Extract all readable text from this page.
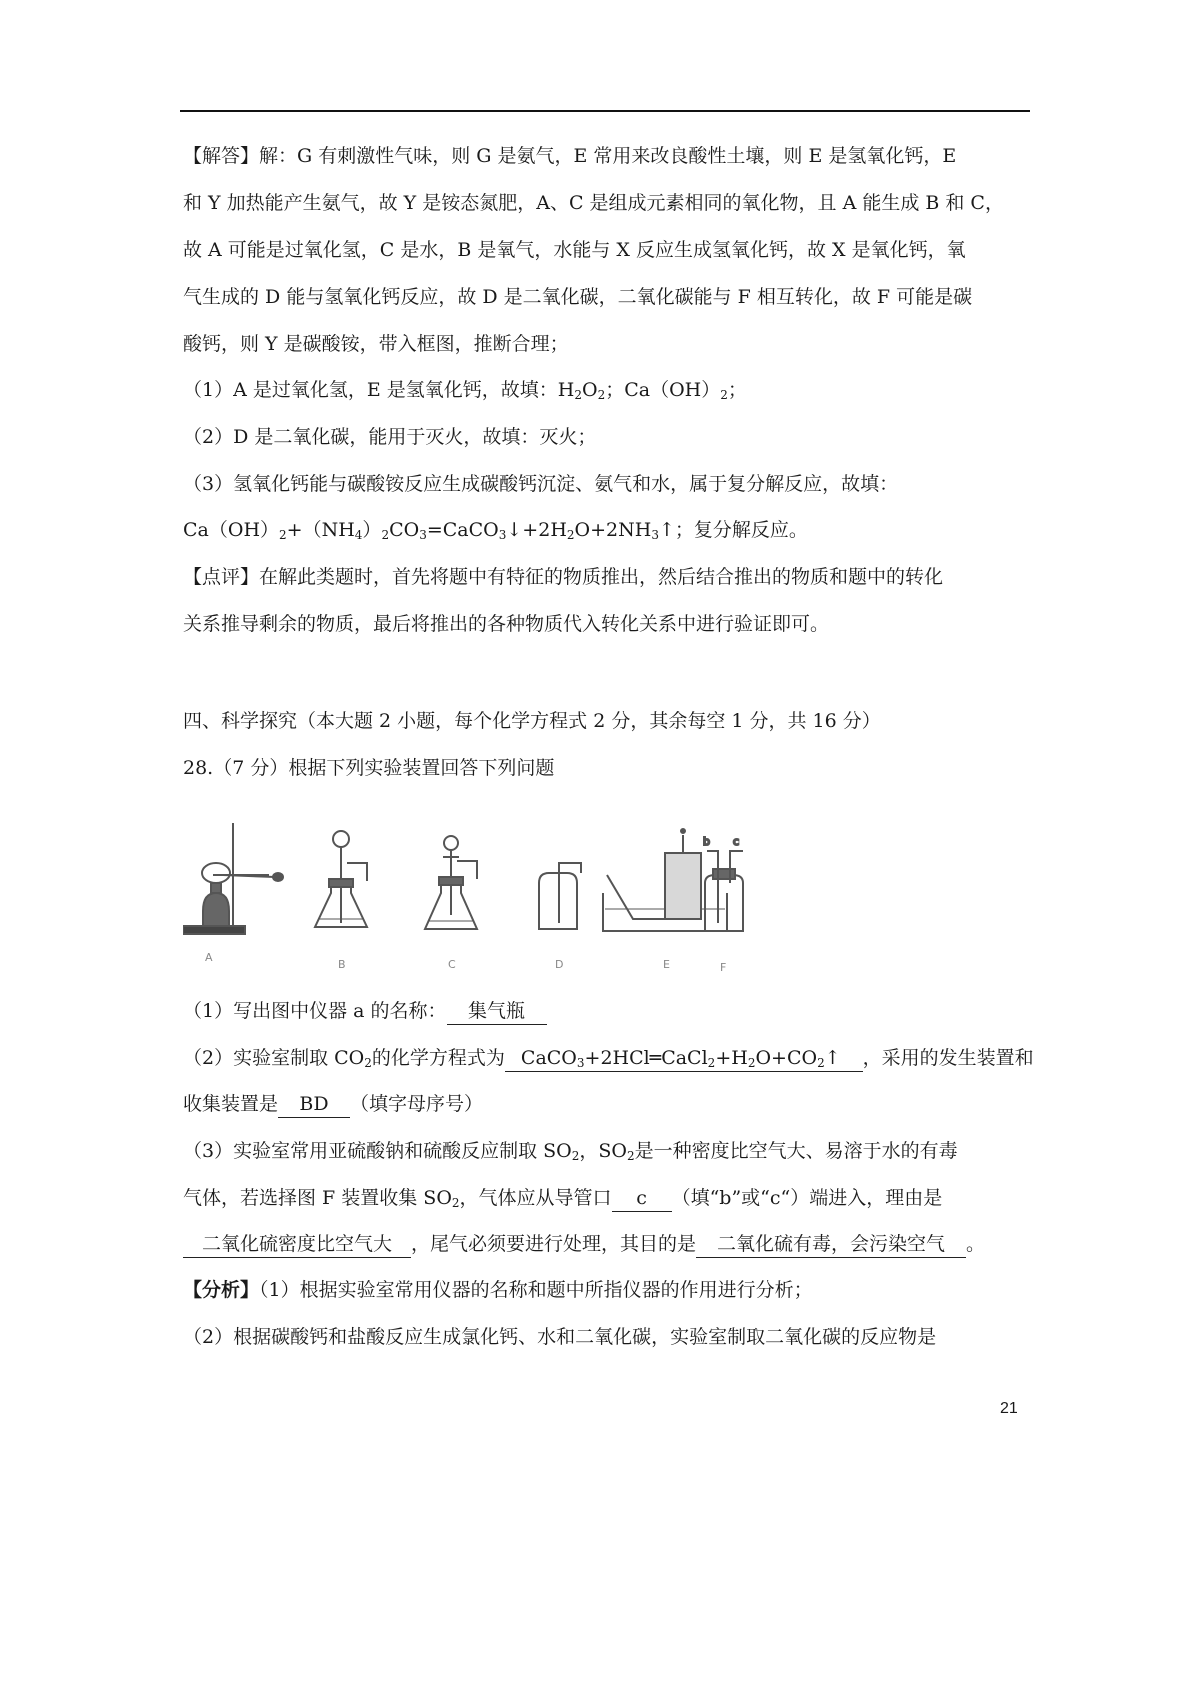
【解答】解：G 有刺激性气味，则 G 是氨气，E 常用来改良酸性土壤，则 E 是氢氧化钙，E
和 Y 加热能产生氨气，故 Y 是铵态氮肥，A、C 是组成元素相同的氧化物，且 A 能生成 B 和 C，
故 A 可能是过氧化氢，C 是水，B 是氧气，水能与 X 反应生成氢氧化钙，故 X 是氧化钙，氧
气生成的 D 能与氢氧化钙反应，故 D 是二氧化碳，二氧化碳能与 F 相互转化，故 F 可能是碳
酸钙，则 Y 是碳酸铵，带入框图，推断合理；
（1）A 是过氧化氢，E 是氢氧化钙，故填：$H_2O_2$；$Ca(OH)_2$；
（2）D 是二氧化碳，能用于灭火，故填：灭火；
（3）氢氧化钙能与碳酸铵反应生成碳酸钙沉淀、氨气和水，属于复分解反应，故填：
$Ca(OH)_2+(NH_4)_2CO_3=CaCO_3↓+2H_2O+2NH_3↑$；复分解反应。
【点评】在解此类题时，首先将题中有特征的物质推出，然后结合推出的物质和题中的转化
关系推导剩余的物质，最后将推出的各种物质代入转化关系中进行验证即可。
四、科学探究（本大题 2 小题，每个化学方程式 2 分，其余每空 1 分，共 16 分）
28.（7 分）根据下列实验装置回答下列问题
（1）写出图中仪器 a 的名称： 集气瓶
（2）实验室制取 $CO_2$的化学方程式为 $CaCO_3+2HCl═CaCl_2+H_2O+CO_2↑$ ，采用的发生装置和
收集装置是 BD （填字母序号）
（3）实验室常用亚硫酸钠和硫酸反应制取 $SO_2$，$SO_2$是一种密度比空气大、易溶于水的有毒
气体，若选择图 F 装置收集 $SO_2$，气体应从导管口 c （填“b”或“c“）端进入，理由是
二氧化硫密度比空气大 ，尾气必须要进行处理，其目的是 二氧化硫有毒，会污染空气 。
【分析】（1）根据实验室常用仪器的名称和题中所指仪器的作用进行分析；
（2）根据碳酸钙和盐酸反应生成氯化钙、水和二氧化碳，实验室制取二氧化碳的反应物是
b c
A
B	C	D	E	F
21
